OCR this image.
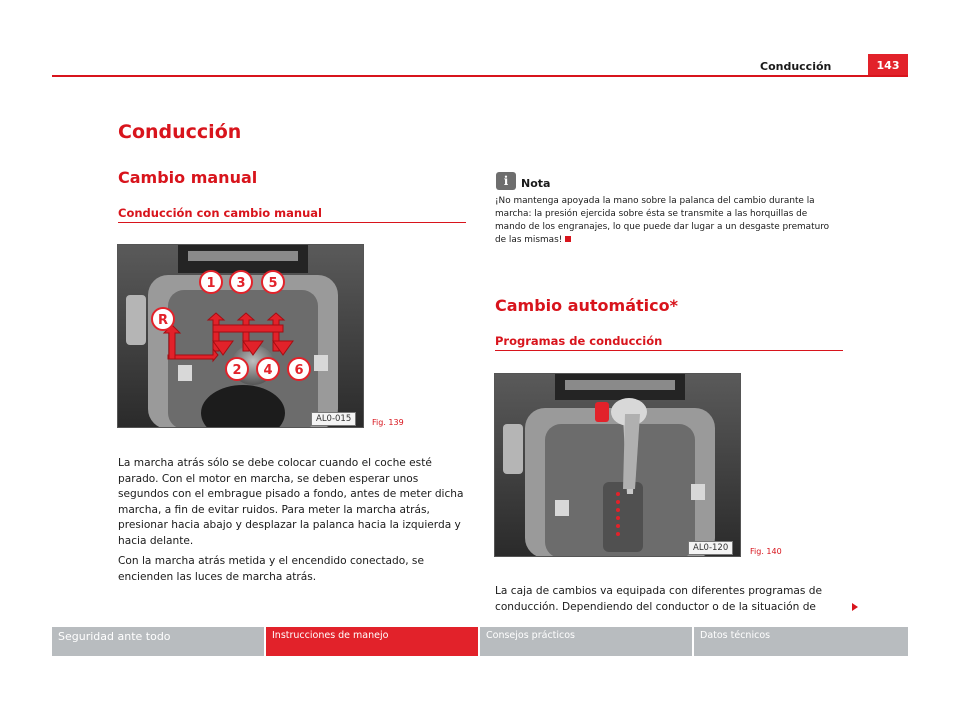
Conducción	143
Conducción
Cambio manual
Conducción con cambio manual
1 3 5
R
2 4 6
AL0-015	Fig. 139

La marcha atrás sólo se debe colocar cuando el coche esté parado. Con el motor en marcha, se deben esperar unos segundos con el embrague pisado a fondo, antes de meter dicha marcha, a fin de evitar ruidos. Para meter la marcha atrás, presionar hacia abajo y desplazar la palanca hacia la izquierda y hacia delante.

Con la marcha atrás metida y el encendido conectado, se encienden las luces de marcha atrás.

i	Nota
¡No mantenga apoyada la mano sobre la palanca del cambio durante la marcha: la presión ejercida sobre ésta se transmite a las horquillas de mando de los engranajes, lo que puede dar lugar a un desgaste prematuro de las mismas!
Cambio automático*
Programas de conducción
AL0-120	Fig. 140
La caja de cambios va equipada con diferentes programas de conducción. Dependiendo del conductor o de la situación de
Seguridad ante todo	Instrucciones de manejo	Consejos prácticos	Datos técnicos
